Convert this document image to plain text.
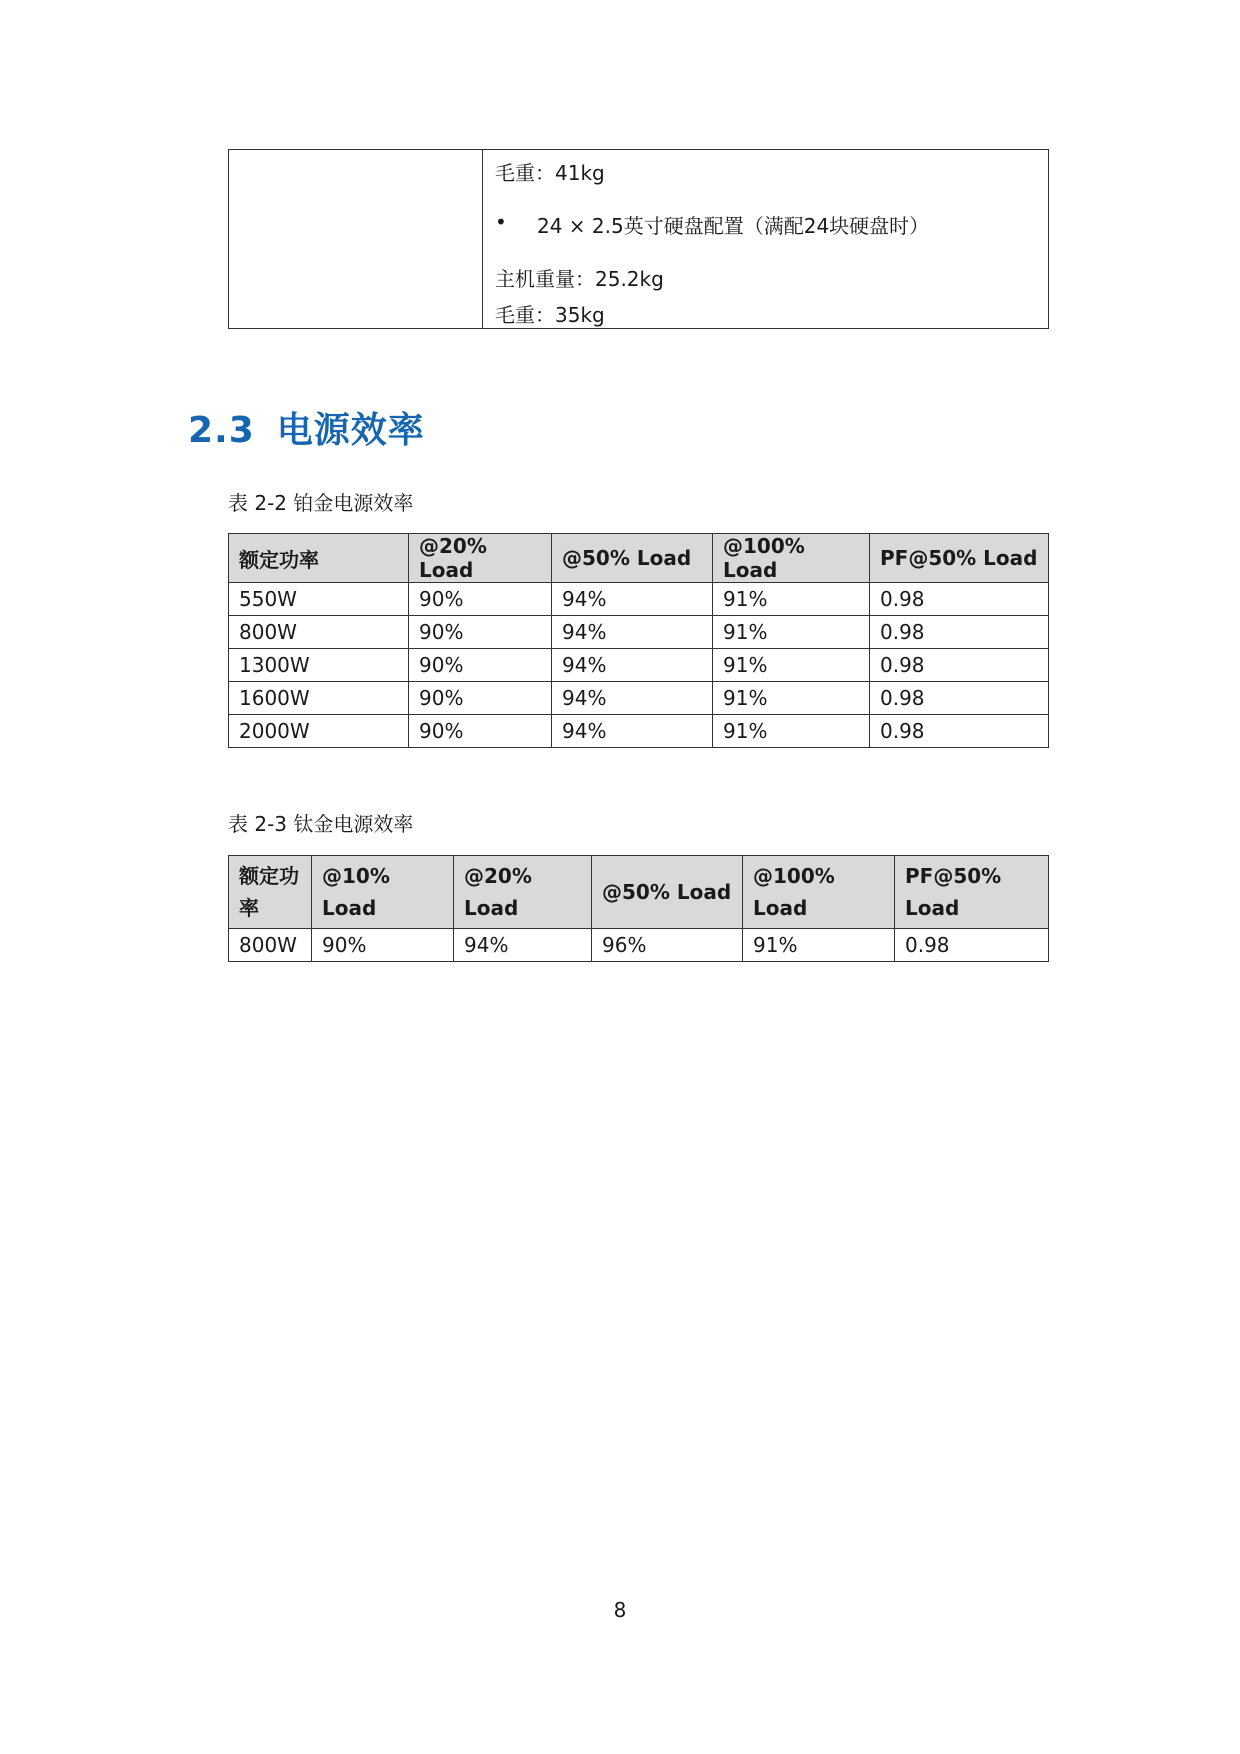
毛重：41kg
• 24 × 2.5英寸硬盘配置（满配24块硬盘时）
主机重量：25.2kg
毛重：35kg
2.3 电源效率
表 2-2 铂金电源效率
额定功率	@20% Load	@50% Load	@100% Load	PF@50% Load
550W	90%	94%	91%	0.98
800W	90%	94%	91%	0.98
1300W	90%	94%	91%	0.98
1600W	90%	94%	91%	0.98
2000W	90%	94%	91%	0.98
表 2-3 钛金电源效率
额定功率	@10% Load	@20% Load	@50% Load	@100% Load	PF@50% Load
800W	90%	94%	96%	91%	0.98
8
